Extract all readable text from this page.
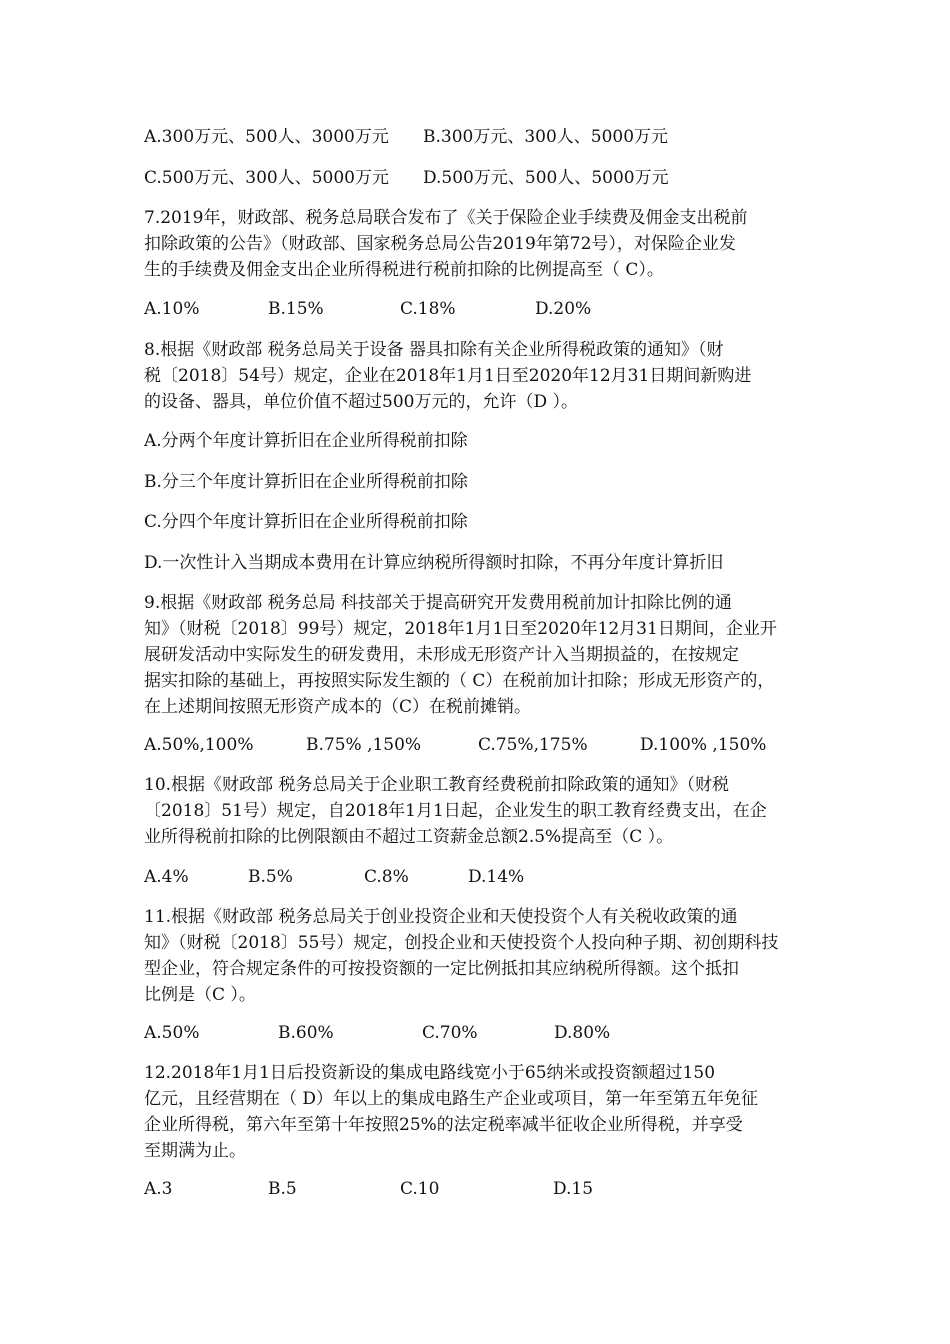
A.300万元、500人、3000万元 B.300万元、300人、5000万元
C.500万元、300人、5000万元 D.500万元、500人、5000万元
7.2019年，财政部、税务总局联合发布了《关于保险企业手续费及佣金支出税前
扣除政策的公告》（财政部、国家税务总局公告2019年第72号），对保险企业发
生的手续费及佣金支出企业所得税进行税前扣除的比例提高至（ C）。
A.10%	B.15%	C.18%	D.20%
8.根据《财政部 税务总局关于设备 器具扣除有关企业所得税政策的通知》（财
税〔2018〕54号）规定，企业在2018年1月1日至2020年12月31日期间新购进
的设备、器具，单位价值不超过500万元的，允许（D ）。
A.分两个年度计算折旧在企业所得税前扣除
B.分三个年度计算折旧在企业所得税前扣除
C.分四个年度计算折旧在企业所得税前扣除
D.一次性计入当期成本费用在计算应纳税所得额时扣除，不再分年度计算折旧
9.根据《财政部 税务总局 科技部关于提高研究开发费用税前加计扣除比例的通
知》（财税〔2018〕99号）规定，2018年1月1日至2020年12月31日期间，企业开
展研发活动中实际发生的研发费用，未形成无形资产计入当期损益的，在按规定
据实扣除的基础上，再按照实际发生额的（ C）在税前加计扣除；形成无形资产的，
在上述期间按照无形资产成本的（C）在税前摊销。
A.50%,100%	B.75% ,150%	C.75%,175%	D.100% ,150%
10.根据《财政部 税务总局关于企业职工教育经费税前扣除政策的通知》（财税
〔2018〕51号）规定，自2018年1月1日起，企业发生的职工教育经费支出，在企
业所得税前扣除的比例限额由不超过工资薪金总额2.5%提高至（C ）。
A.4%	B.5%	C.8%	D.14%
11.根据《财政部 税务总局关于创业投资企业和天使投资个人有关税收政策的通
知》（财税〔2018〕55号）规定，创投企业和天使投资个人投向种子期、初创期科技
型企业，符合规定条件的可按投资额的一定比例抵扣其应纳税所得额。这个抵扣
比例是（C ）。
A.50%	B.60%	C.70%	D.80%
12.2018年1月1日后投资新设的集成电路线宽小于65纳米或投资额超过150
亿元，且经营期在（ D）年以上的集成电路生产企业或项目，第一年至第五年免征
企业所得税，第六年至第十年按照25%的法定税率减半征收企业所得税，并享受
至期满为止。
A.3	B.5	C.10	D.15
